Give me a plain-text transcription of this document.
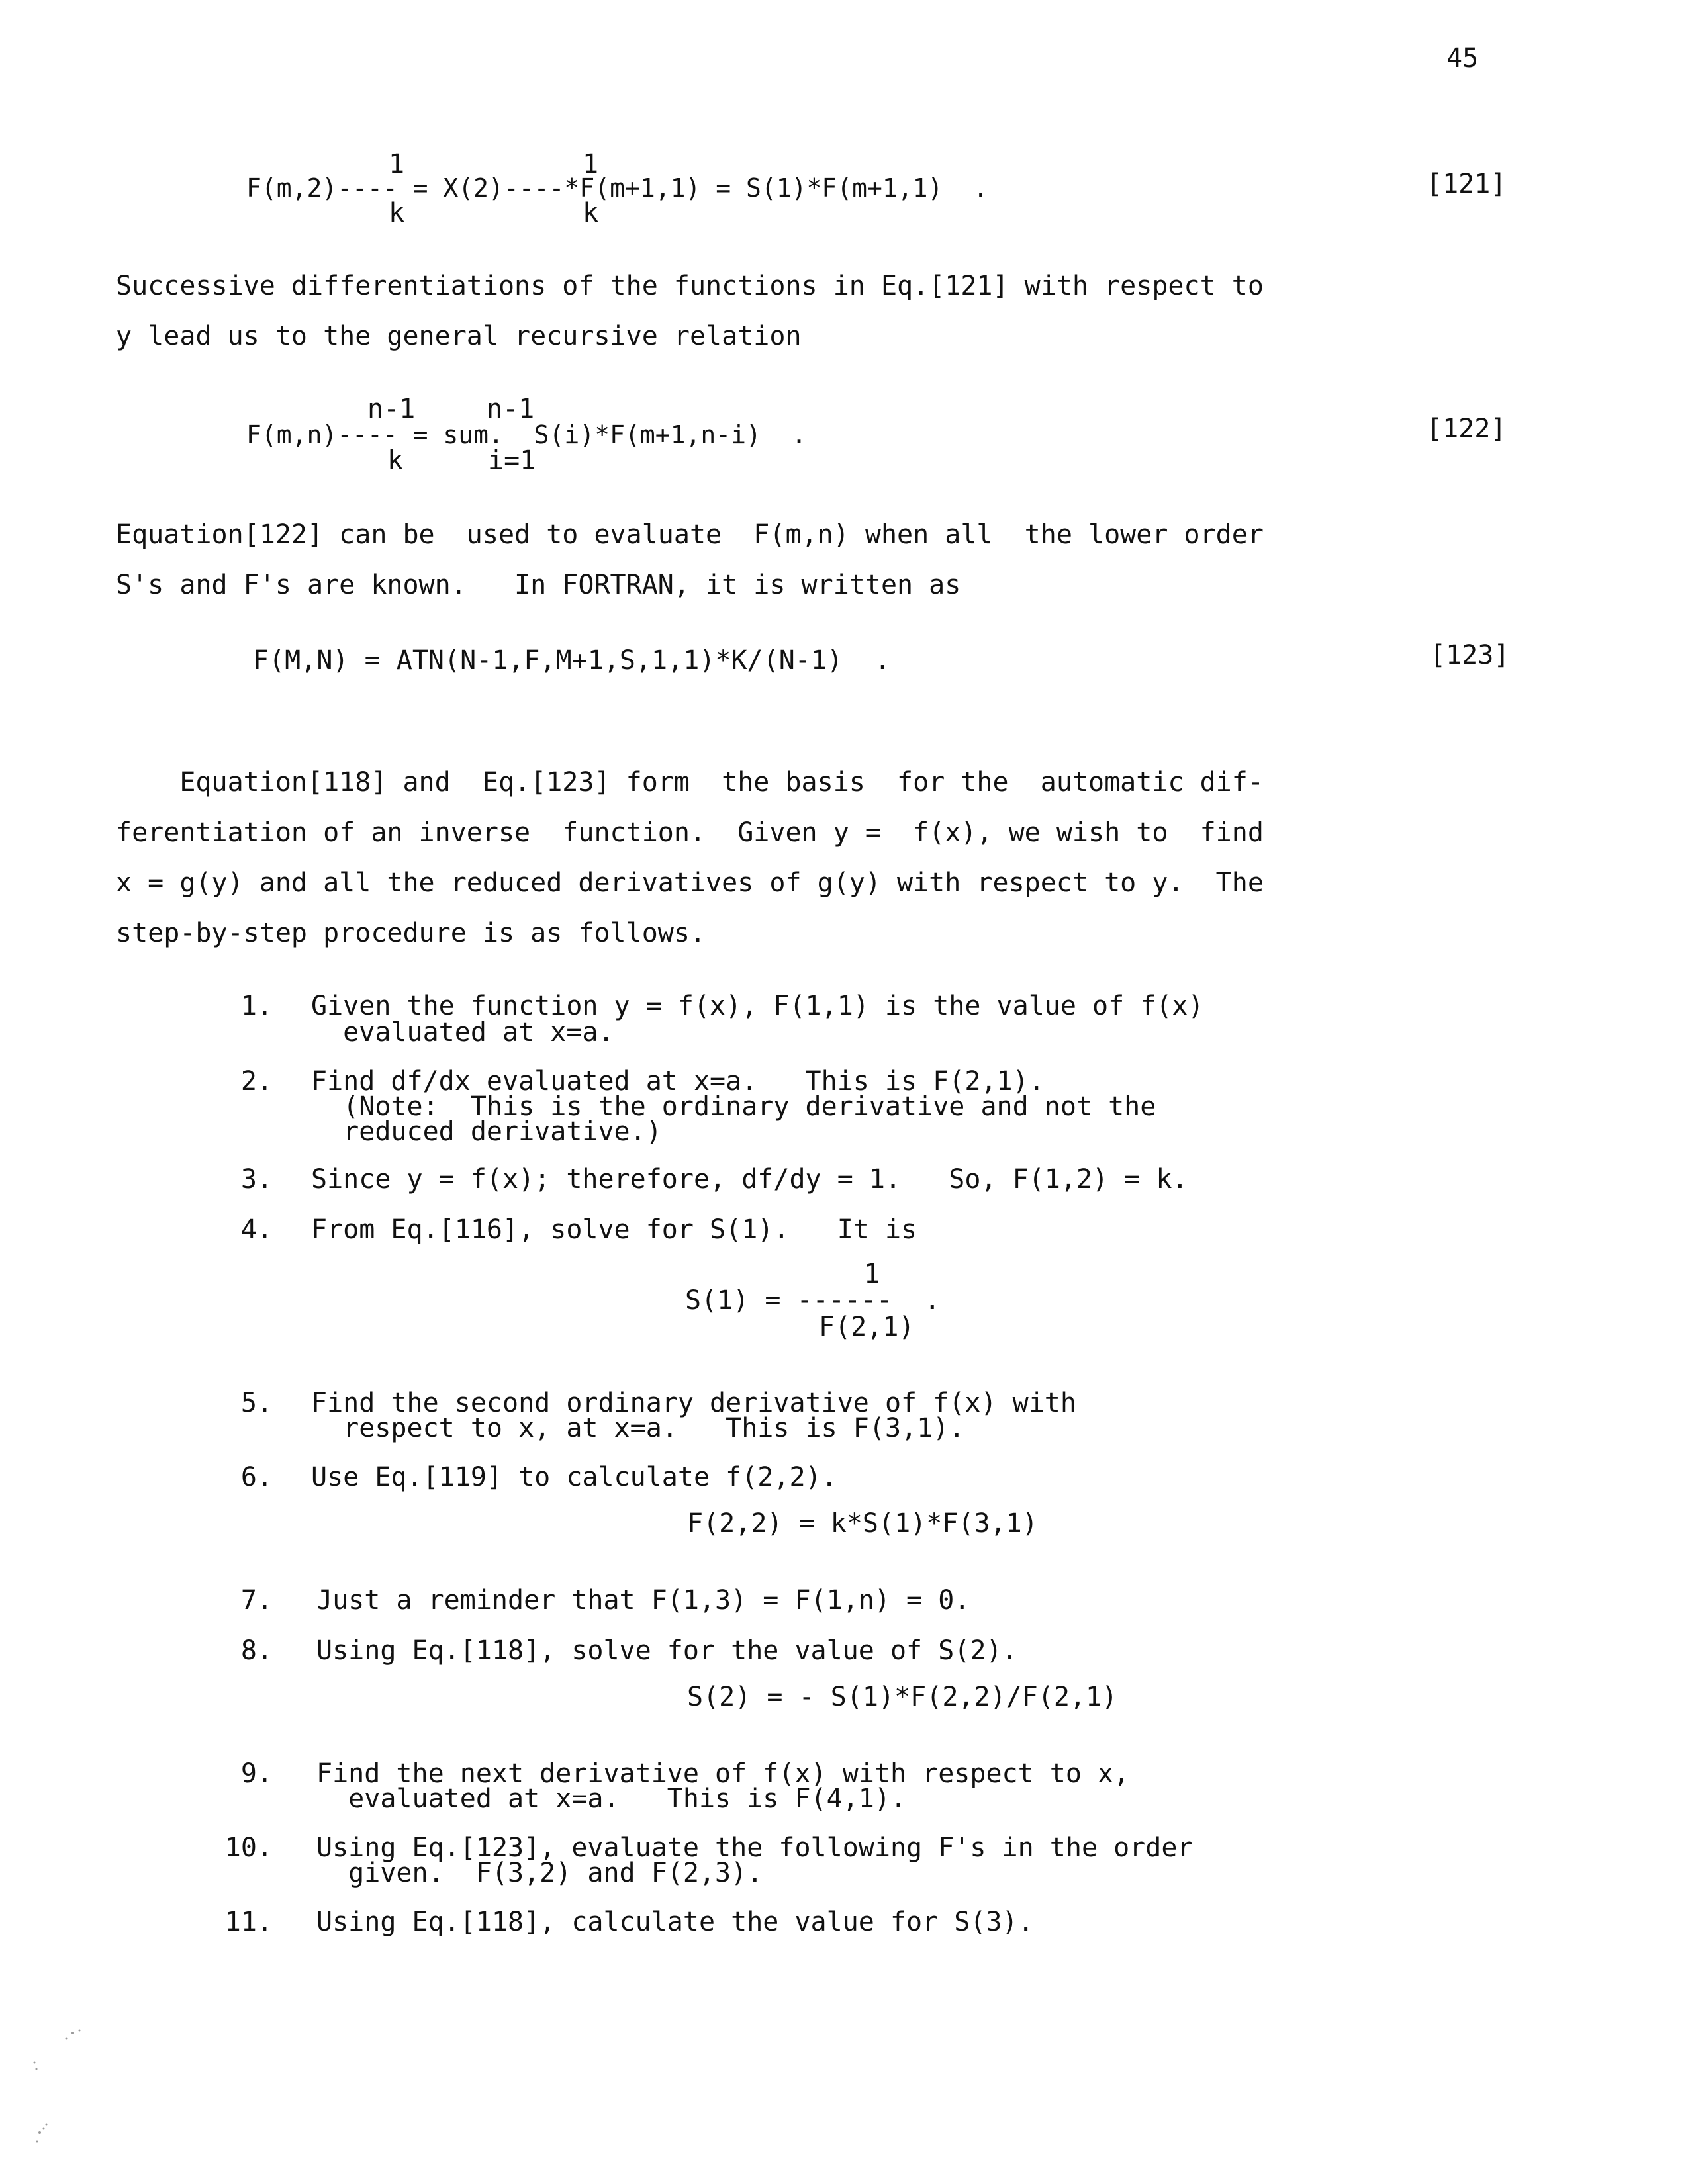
45
1	1
F(m,2)---- = X(2)----*F(m+1,1) = S(1)*F(m+1,1)  .
k	k
[121]
Successive differentiations of the functions in Eq.[121] with respect to
y lead us to the general recursive relation
n-1	n-1
F(m,n)---- = sum.  S(i)*F(m+1,n-i)  .
k	i=1
[122]
Equation[122] can be  used to evaluate  F(m,n) when all  the lower order
S's and F's are known.   In FORTRAN, it is written as
F(M,N) = ATN(N-1,F,M+1,S,1,1)*K/(N-1)  .	[123]
Equation[118] and  Eq.[123] form  the basis  for the  automatic dif-
ferentiation of an inverse  function.  Given y =  f(x), we wish to  find
x = g(y) and all the reduced derivatives of g(y) with respect to y.  The
step-by-step procedure is as follows.
1. Given the function y = f(x), F(1,1) is the value of f(x)
evaluated at x=a.
2. Find df/dx evaluated at x=a.   This is F(2,1).
(Note:  This is the ordinary derivative and not the
reduced derivative.)
3. Since y = f(x); therefore, df/dy = 1.   So, F(1,2) = k.
4. From Eq.[116], solve for S(1).   It is
1
S(1) = ------  .
F(2,1)
5. Find the second ordinary derivative of f(x) with
respect to x, at x=a.   This is F(3,1).
6. Use Eq.[119] to calculate f(2,2).
F(2,2) = k*S(1)*F(3,1)
7. Just a reminder that F(1,3) = F(1,n) = 0.
8. Using Eq.[118], solve for the value of S(2).
S(2) = - S(1)*F(2,2)/F(2,1)
9. Find the next derivative of f(x) with respect to x,
evaluated at x=a.   This is F(4,1).
10. Using Eq.[123], evaluate the following F's in the order
given.  F(3,2) and F(2,3).
11. Using Eq.[118], calculate the value for S(3).
